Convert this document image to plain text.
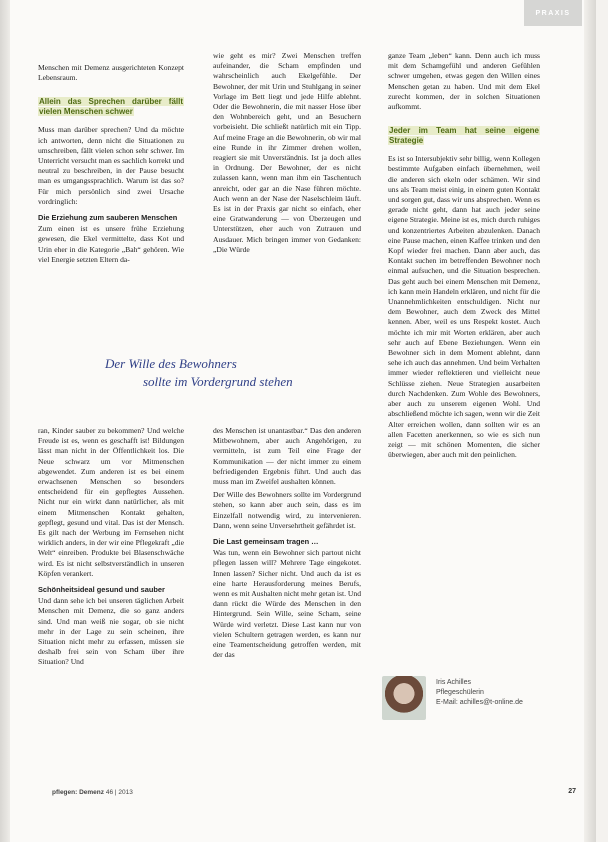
PRAXIS

Menschen mit Demenz ausgerichteten Konzept Lebensraum.

Allein das Sprechen darüber fällt vielen Menschen schwer

Muss man darüber sprechen? Und da möchte ich antworten, denn nicht die Situationen zu umschreiben, fällt vielen schon sehr schwer. Im Unterricht versucht man es sachlich korrekt und neutral zu beschreiben, in der Pause besucht man es umgangssprachlich. Warum ist das so? Für mich persönlich sind zwei Ursache vordringlich:

Die Erziehung zum sauberen Menschen

Zum einen ist es unsere frühe Erziehung gewesen, die Ekel vermittelte, dass Kot und Urin eher in die Kategorie „Bah“ gehören. Wie viel Energie setzten Eltern da-

wie geht es mir? Zwei Menschen treffen aufeinander, die Scham empfinden und wahrscheinlich auch Ekelgefühle. Der Bewohner, der mit Urin und Stuhlgang in seiner Vorlage im Bett liegt und jede Hilfe ablehnt. Oder die Bewohnerin, die mit nasser Hose über den Wohnbereich geht, und an Besuchern vorbeisieht. Die schließt natürlich mit ein Tipp. Auf meine Frage an die Bewohnerin, ob wir mal eine Runde in ihr Zimmer drehen wollen, reagiert sie mit Unverständnis. Ist ja doch alles in Ordnung. Der Bewohner, der es nicht zulassen kann, wenn man ihm ein Taschentuch anreicht, oder gar an die Nase führen möchte. Auch wenn an der Nase der Naselschleim läuft. Es ist in der Praxis gar nicht so einfach, eher eine Gratwanderung — von Überzeugen und Unterstützen, eher auch von Zutrauen und Ausdauer. Mich bringen immer von Gedanken: „Die Würde

ganze Team „leben“ kann. Denn auch ich muss mit dem Schamgefühl und anderen Gefühlen schwer umgehen, etwas gegen den Willen eines Menschen getan zu haben. Und mit dem Ekel zurecht kommen, der in solchen Situationen aufkommt.

Jeder im Team hat seine eigene Strategie

Es ist so Intersubjektiv sehr billig, wenn Kollegen bestimmte Aufgaben einfach übernehmen, weil die anderen sich ekeln oder schämen. Wir sind uns als Team meist einig, in einem guten Kontakt und sorgen gut, dass wir uns absprechen. Wenn es gerade nicht geht, dann hat auch jeder seine eigene Strategie. Meine ist es, mich durch ruhiges und konzentriertes Arbeiten abzulenken. Danach eine Pause machen, einen Kaffee trinken und den Kopf wieder frei machen. Dann aber auch, das Kontakt suchen im betreffenden Bewohner noch einmal aufsuchen, und die Situation besprechen. Das geht auch bei einem Menschen mit Demenz, ich kann mein Handeln erklären, und nicht für die Unannehmlichkeiten entschuldigen. Nicht nur dem Bewohner, auch dem Zweck des Mittel kennen. Aber, weil es uns Respekt kostet. Auch möchte ich mir mit Worten erklären, aber auch sehr auch auf Ebene Beziehungen. Wenn ein Bewohner sich in dem Moment ablehnt, dann sehe ich auch das annehmen. Und beim Verhalten immer wieder reflektieren und vielleicht neue Schlüsse ziehen. Neue Strategien ausarbeiten durch Nachdenken. Zum Wohle des Bewohners, aber auch zu unserem eigenen Wohl. Und abschließend möchte ich sagen, wenn wir die Zeit Alter erreichen wollen, dann sollten wir es an allen Facetten anerkennen, so wie es sich nun zeigt — mit schönen Momenten, die sicher überwiegen, aber auch mit den peinlichen.

Der Wille des Bewohners
sollte im Vordergrund stehen

ran, Kinder sauber zu bekommen? Und welche Freude ist es, wenn es geschafft ist! Bildungen lässt man nicht in der Öffentlichkeit los. Die Neue schwarz um vor Mitmenschen abgewendet. Zum anderen ist es bei einem erwachsenen Menschen so besonders entscheidend für ein gepflegtes Aussehen. Nicht nur ein wirkt dann natürlicher, als mit einem Mitmenschen Kontakt gehalten, gepflegt, gesund und vital. Das ist der Mensch. Es gilt nach der Werbung im Fernsehen nicht wirklich anders, in der wir eine Pflegekraft „die Welt“ einreiben. Produkte bei Blasenschwäche wird. Es ist nicht selbstverständlich in unseren Köpfen verankert.

Schönheitsideal gesund und sauber

Und dann sehe ich bei unseren täglichen Arbeit Menschen mit Demenz, die so ganz anders sind. Und man weiß nie sogar, ob sie nicht mehr in der Lage zu sein scheinen, ihre Situation nicht mehr zu erfassen, müssen sie deshalb frei sein von Scham über ihre Situation? Und

des Menschen ist unantastbar.“ Das den anderen Mitbewohnern, aber auch Angehörigen, zu vermitteln, ist zum Teil eine Frage der Kommunikation — der nicht immer zu einem befriedigenden Ergebnis führt. Und auch das muss man im Zweifel aushalten können.

Der Wille des Bewohners sollte im Vordergrund stehen, so kann aber auch sein, dass es im Einzelfall notwendig wird, zu intervenieren. Dann, wenn seine Unversehrtheit gefährdet ist.

Die Last gemeinsam tragen …

Was tun, wenn ein Bewohner sich partout nicht pflegen lassen will? Mehrere Tage eingekotet. Innen lassen? Sicher nicht. Und auch da ist es eine harte Herausforderung meines Berufs, wenn es mit Aushalten nicht mehr getan ist. Und dann rückt die Würde des Menschen in den Hintergrund. Sein Wille, seine Scham, seine Würde wird verletzt. Diese Last kann nur von vielen Schultern getragen werden, es kann nur eine Teamentscheidung getroffen werden, mit der das

Iris Achilles
Pflegeschülerin
E-Mail: achilles@t-online.de
pflegen: Demenz 46 | 2013	27
